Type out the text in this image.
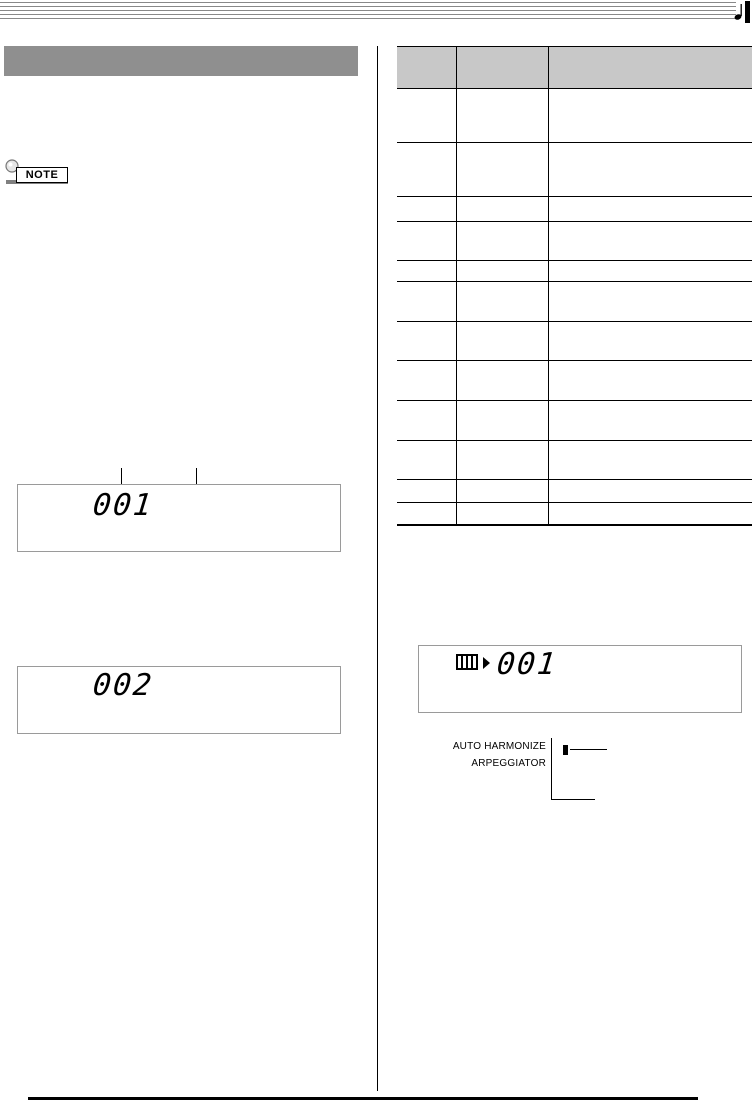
NOTE
001
002
001
AUTO HARMONIZE
ARPEGGIATOR
